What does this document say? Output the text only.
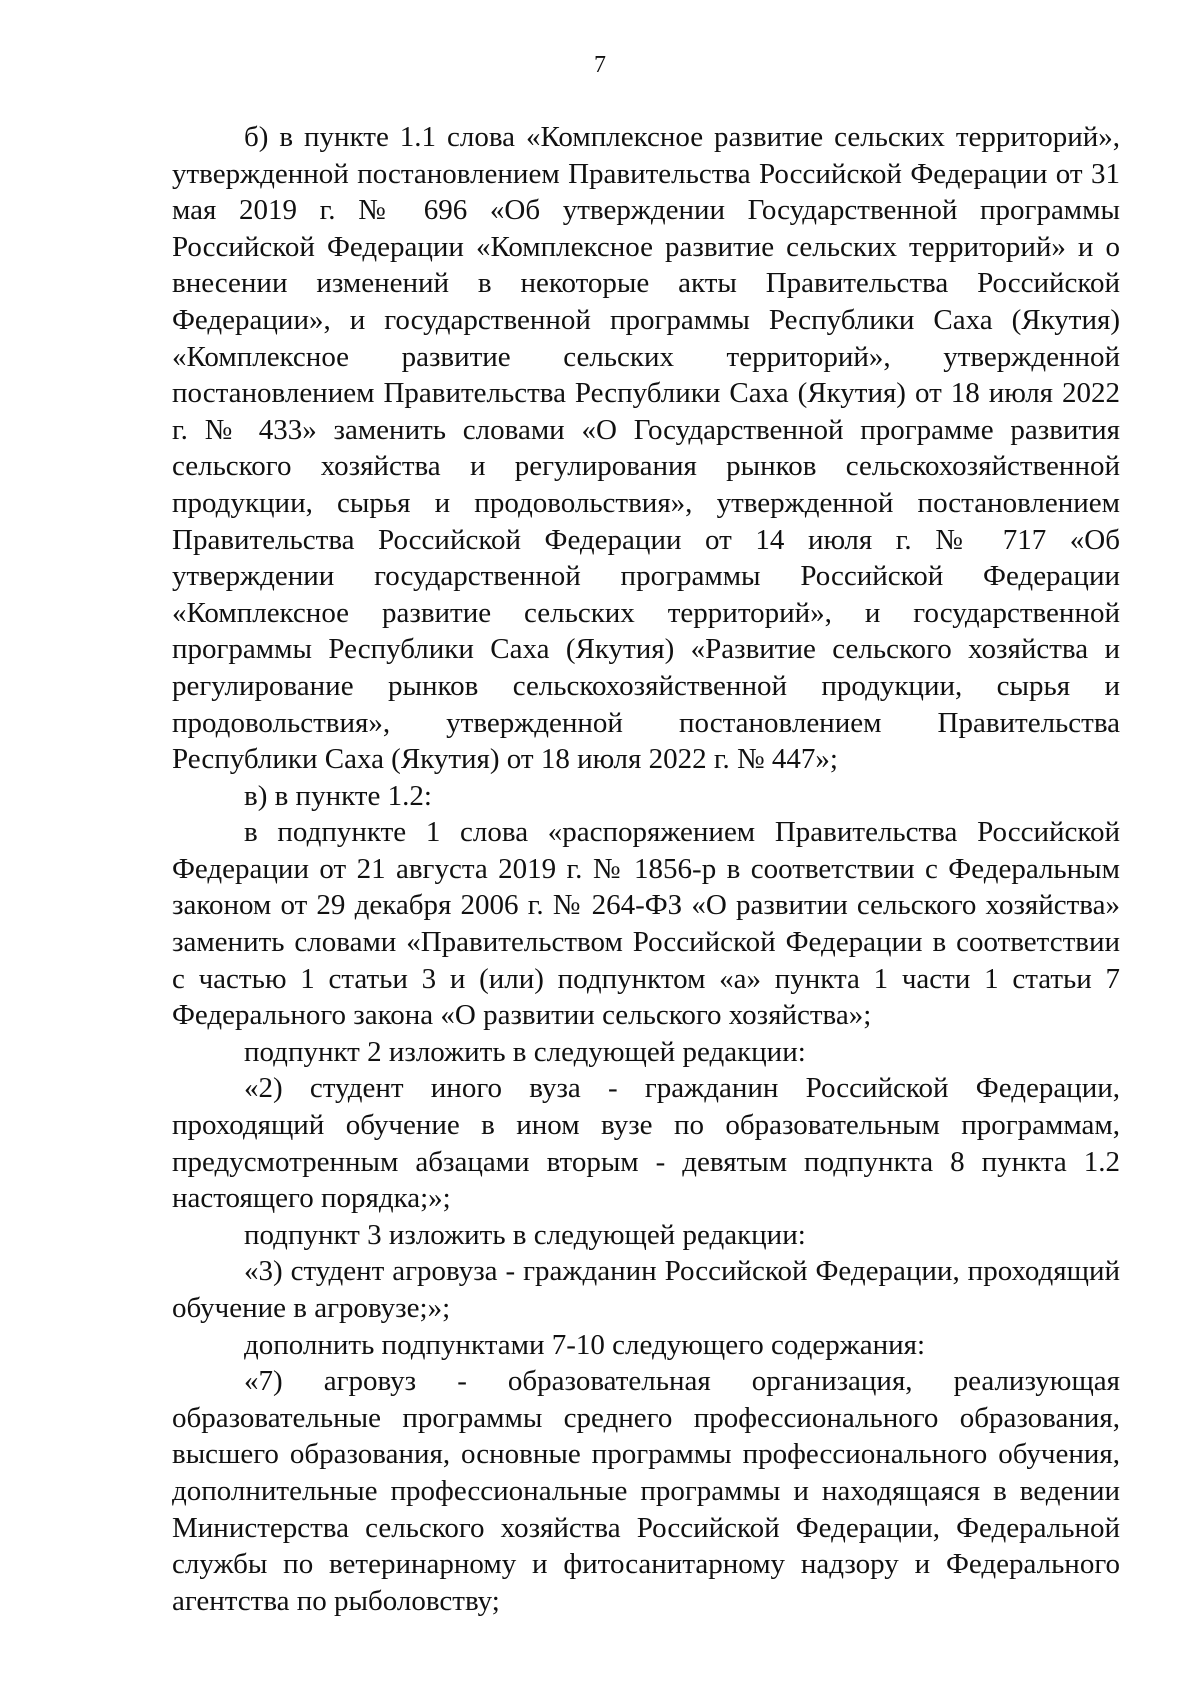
7

б) в пункте 1.1 слова «Комплексное развитие сельских территорий», утвержденной постановлением Правительства Российской Федерации от 31 мая 2019 г. № 696 «Об утверждении Государственной программы Российской Федерации «Комплексное развитие сельских территорий» и о внесении изменений в некоторые акты Правительства Российской Федерации», и государственной программы Республики Саха (Якутия) «Комплексное развитие сельских территорий», утвержденной постановлением Правительства Республики Саха (Якутия) от 18 июля 2022 г. № 433» заменить словами «О Государственной программе развития сельского хозяйства и регулирования рынков сельскохозяйственной продукции, сырья и продовольствия», утвержденной постановлением Правительства Российской Федерации от 14 июля г. № 717 «Об утверждении государственной программы Российской Федерации «Комплексное развитие сельских территорий», и государственной программы Республики Саха (Якутия) «Развитие сельского хозяйства и регулирование рынков сельскохозяйственной продукции, сырья и продовольствия», утвержденной постановлением Правительства Республики Саха (Якутия) от 18 июля 2022 г. № 447»;

в) в пункте 1.2:

в подпункте 1 слова «распоряжением Правительства Российской Федерации от 21 августа 2019 г. № 1856-р в соответствии с Федеральным законом от 29 декабря 2006 г. № 264-ФЗ «О развитии сельского хозяйства» заменить словами «Правительством Российской Федерации в соответствии с частью 1 статьи 3 и (или) подпунктом «а» пункта 1 части 1 статьи 7 Федерального закона «О развитии сельского хозяйства»;

подпункт 2 изложить в следующей редакции:

«2) студент иного вуза - гражданин Российской Федерации, проходящий обучение в ином вузе по образовательным программам, предусмотренным абзацами вторым - девятым подпункта 8 пункта 1.2 настоящего порядка;»;

подпункт 3 изложить в следующей редакции:

«3) студент агровуза - гражданин Российской Федерации, проходящий обучение в агровузе;»;

дополнить подпунктами 7-10 следующего содержания:

«7) агровуз - образовательная организация, реализующая образовательные программы среднего профессионального образования, высшего образования, основные программы профессионального обучения, дополнительные профессиональные программы и находящаяся в ведении Министерства сельского хозяйства Российской Федерации, Федеральной службы по ветеринарному и фитосанитарному надзору и Федерального агентства по рыболовству;
